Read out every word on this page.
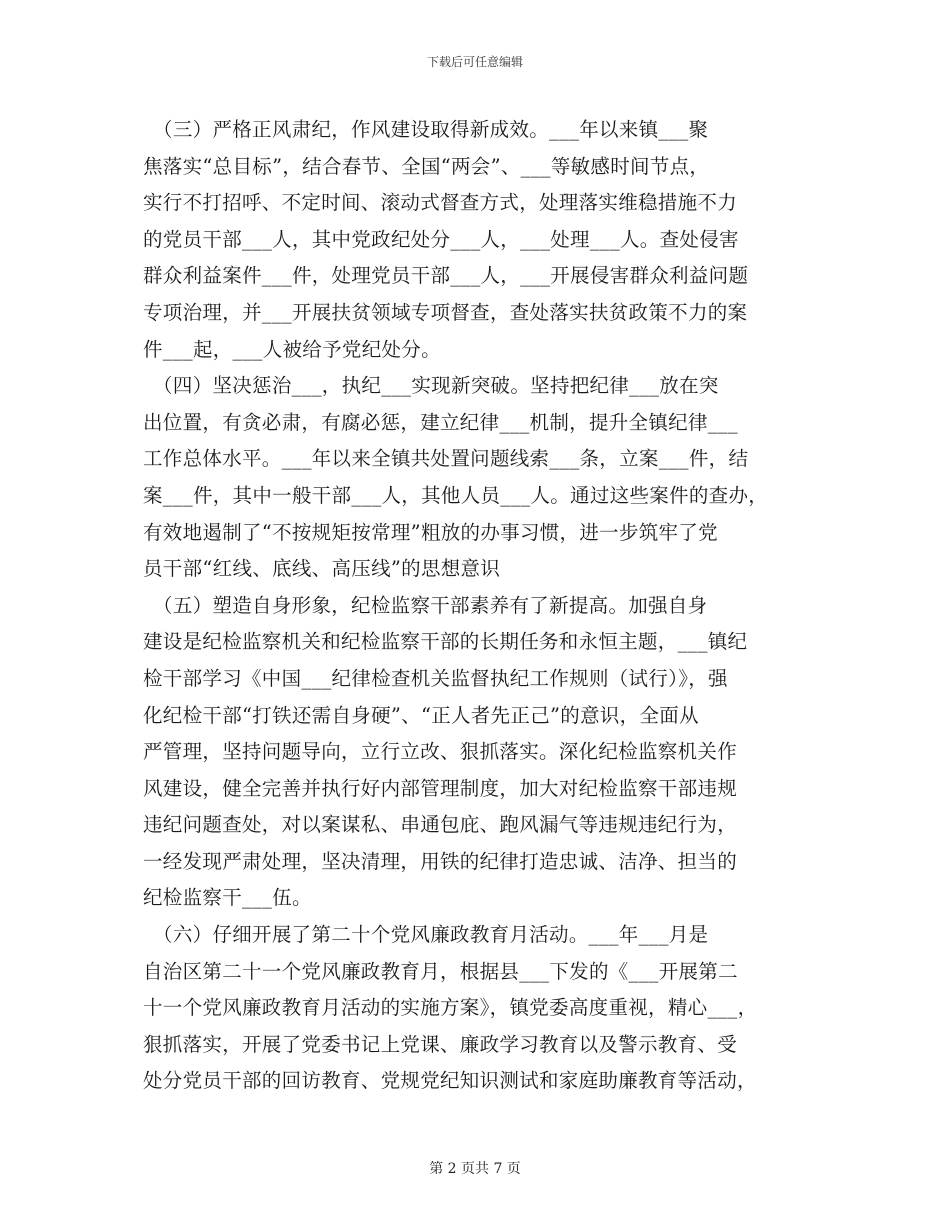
下载后可任意编辑
　（三）严格正风肃纪，作风建设取得新成效。___年以来镇___聚
焦落实“总目标”，结合春节、全国“两会”、___等敏感时间节点，
实行不打招呼、不定时间、滚动式督查方式，处理落实维稳措施不力
的党员干部___人，其中党政纪处分___人，___处理___人。查处侵害
群众利益案件___件，处理党员干部___人，___开展侵害群众利益问题
专项治理，并___开展扶贫领域专项督查，查处落实扶贫政策不力的案
件___起，___人被给予党纪处分。
　（四）坚决惩治___，执纪___实现新突破。坚持把纪律___放在突
出位置，有贪必肃，有腐必惩，建立纪律___机制，提升全镇纪律___
工作总体水平。___年以来全镇共处置问题线索___条，立案___件，结
案___件，其中一般干部___人，其他人员___人。通过这些案件的查办，
有效地遏制了“不按规矩按常理”粗放的办事习惯，进一步筑牢了党
员干部“红线、底线、高压线”的思想意识
　（五）塑造自身形象，纪检监察干部素养有了新提高。加强自身
建设是纪检监察机关和纪检监察干部的长期任务和永恒主题，___镇纪
检干部学习《中国___纪律检查机关监督执纪工作规则（试行）》，强
化纪检干部“打铁还需自身硬”、“正人者先正己”的意识，全面从
严管理，坚持问题导向，立行立改、狠抓落实。深化纪检监察机关作
风建设，健全完善并执行好内部管理制度，加大对纪检监察干部违规
违纪问题查处，对以案谋私、串通包庇、跑风漏气等违规违纪行为，
一经发现严肃处理，坚决清理，用铁的纪律打造忠诚、洁净、担当的
纪检监察干___伍。
　（六）仔细开展了第二十个党风廉政教育月活动。___年___月是
自治区第二十一个党风廉政教育月，根据县___下发的《___开展第二
十一个党风廉政教育月活动的实施方案》，镇党委高度重视，精心___，
狠抓落实，开展了党委书记上党课、廉政学习教育以及警示教育、受
处分党员干部的回访教育、党规党纪知识测试和家庭助廉教育等活动，
第 2 页共 7 页
